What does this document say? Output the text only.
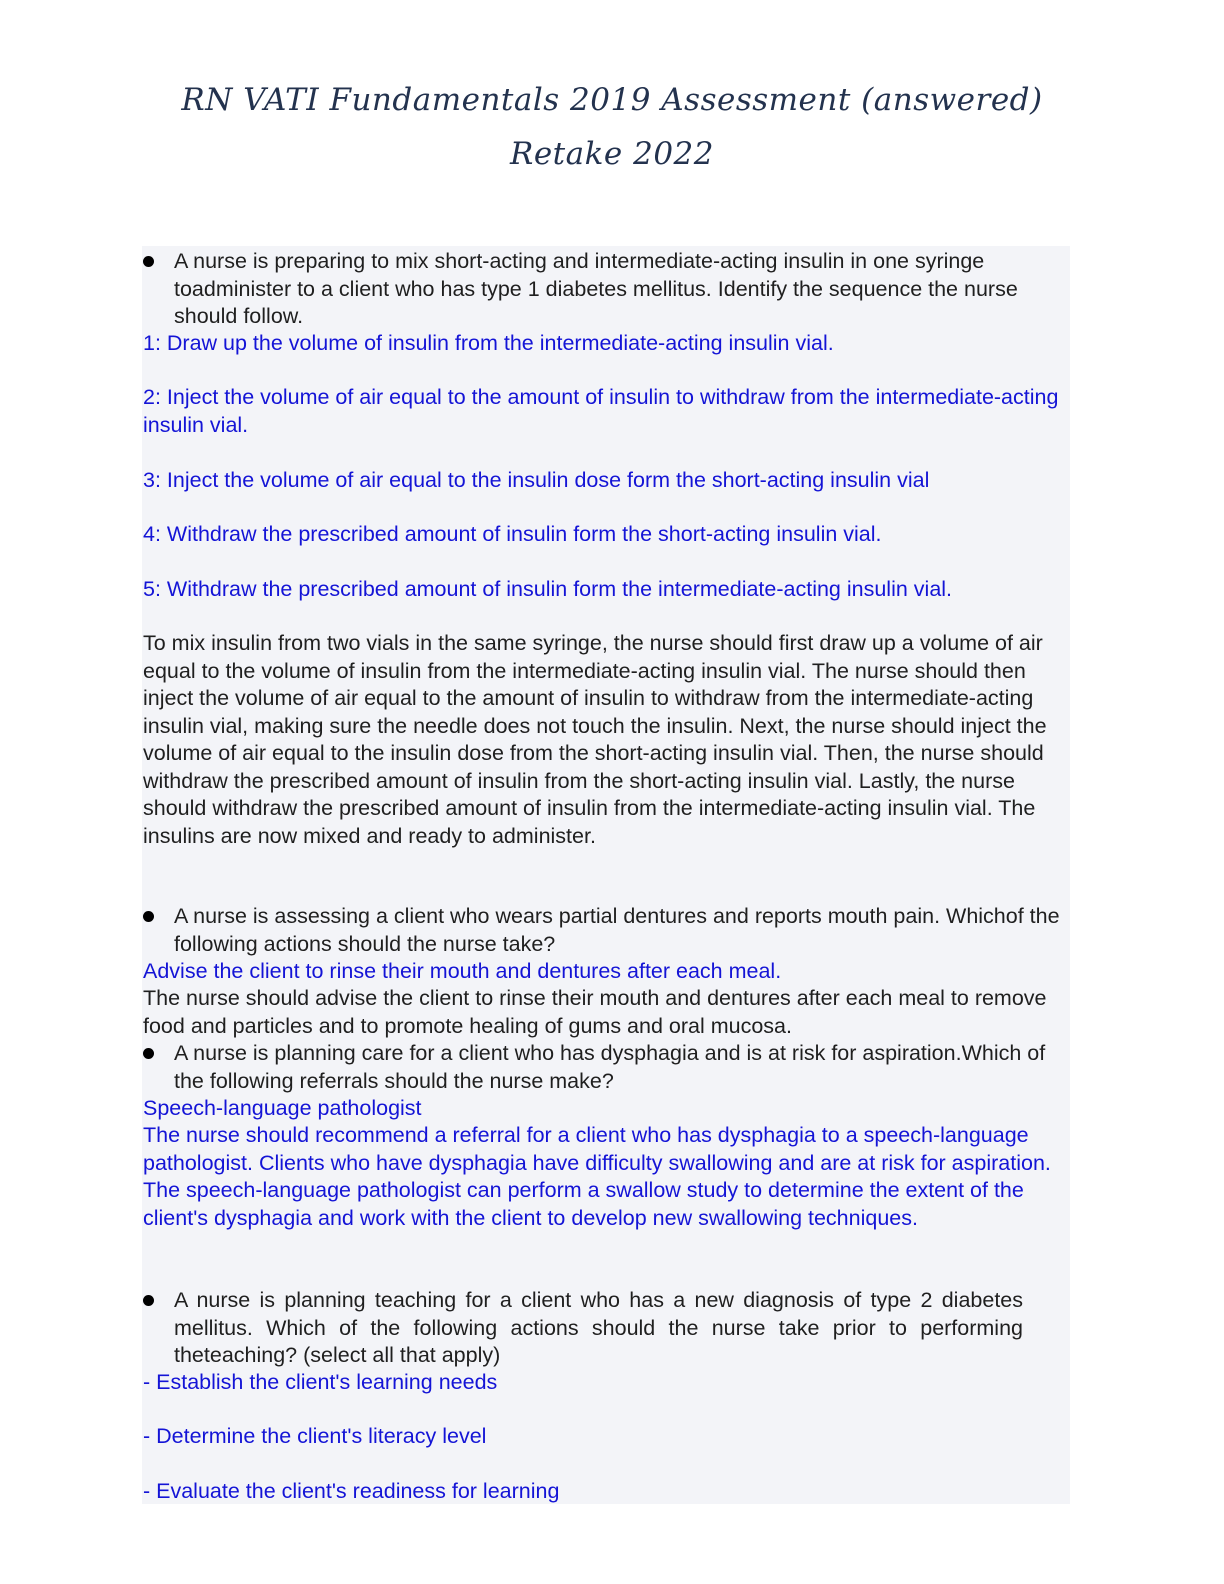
RN VATI Fundamentals 2019 Assessment (answered)
Retake 2022
A nurse is preparing to mix short-acting and intermediate-acting insulin in one syringe toadminister to a client who has type 1 diabetes mellitus. Identify the sequence the nurse should follow.

1: Draw up the volume of insulin from the intermediate-acting insulin vial.

2: Inject the volume of air equal to the amount of insulin to withdraw from the intermediate-acting insulin vial.

3: Inject the volume of air equal to the insulin dose form the short-acting insulin vial

4: Withdraw the prescribed amount of insulin form the short-acting insulin vial.

5: Withdraw the prescribed amount of insulin form the intermediate-acting insulin vial.

To mix insulin from two vials in the same syringe, the nurse should first draw up a volume of air equal to the volume of insulin from the intermediate-acting insulin vial. The nurse should then inject the volume of air equal to the amount of insulin to withdraw from the intermediate-acting insulin vial, making sure the needle does not touch the insulin. Next, the nurse should inject the volume of air equal to the insulin dose from the short-acting insulin vial. Then, the nurse should withdraw the prescribed amount of insulin from the short-acting insulin vial. Lastly, the nurse should withdraw the prescribed amount of insulin from the intermediate-acting insulin vial. The insulins are now mixed and ready to administer.

A nurse is assessing a client who wears partial dentures and reports mouth pain. Whichof the following actions should the nurse take?

Advise the client to rinse their mouth and dentures after each meal.

The nurse should advise the client to rinse their mouth and dentures after each meal to remove food and particles and to promote healing of gums and oral mucosa.

A nurse is planning care for a client who has dysphagia and is at risk for aspiration.Which of the following referrals should the nurse make?

Speech-language pathologist

The nurse should recommend a referral for a client who has dysphagia to a speech-language pathologist. Clients who have dysphagia have difficulty swallowing and are at risk for aspiration. The speech-language pathologist can perform a swallow study to determine the extent of the client's dysphagia and work with the client to develop new swallowing techniques.

A nurse is planning teaching for a client who has a new diagnosis of type 2 diabetes mellitus. Which of the following actions should the nurse take prior to performing theteaching? (select all that apply)

- Establish the client's learning needs

- Determine the client's literacy level

- Evaluate the client's readiness for learning
